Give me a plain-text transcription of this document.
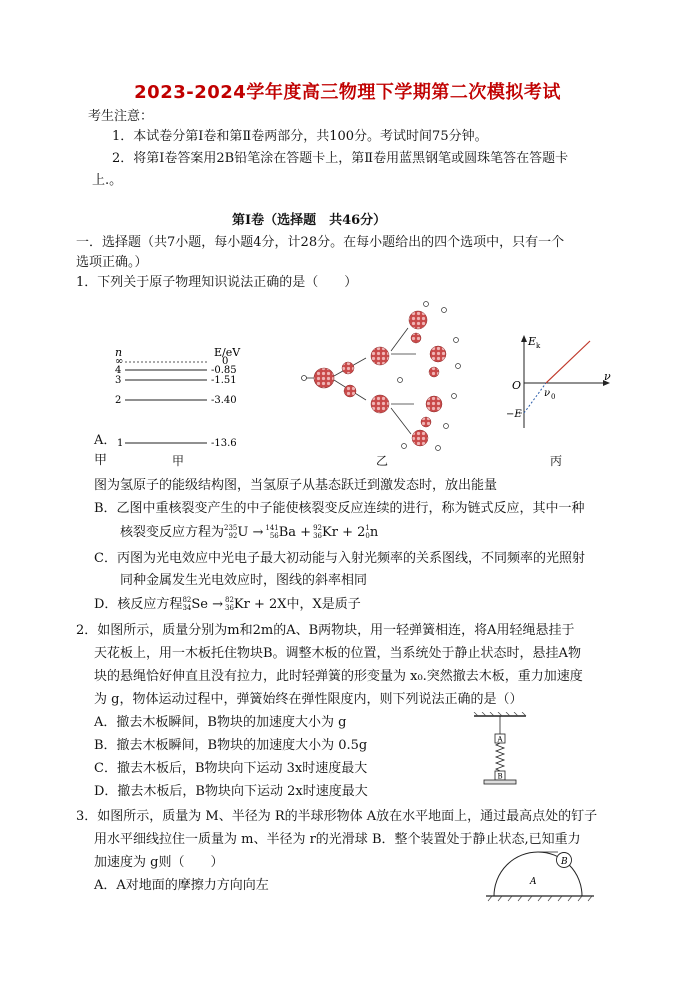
2023-2024学年度高三物理下学期第二次模拟考试
考生注意：
1．本试卷分第Ⅰ卷和第Ⅱ卷两部分，共100分。考试时间75分钟。
2．将第Ⅰ卷答案用2B铅笔涂在答题卡上，第Ⅱ卷用蓝黑钢笔或圆珠笔答在答题卡
上.。
第Ⅰ卷（选择题　共46分）
一．选择题（共7小题，每小题4分，计28分。在每小题给出的四个选项中，只有一个
选项正确。）
1．下列关于原子物理知识说法正确的是（　　）
n	E/eV
∞
4
3
2
1
0
-0.85
-1.51
-3.40
-13.6
A．
甲	乙
E k
O
ν
ν 0
−E
丙
甲
图为氢原子的能级结构图，当氢原子从基态跃迁到激发态时，放出能量
B．乙图中重核裂变产生的中子能使核裂变反应连续的进行，称为链式反应，其中一种
核裂变反应方程为235
92U → 141
56Ba + 92
36Kr + 21
0n
C．丙图为光电效应中光电子最大初动能与入射光频率的关系图线，不同频率的光照射
同种金属发生光电效应时，图线的斜率相同
D．核反应方程82
34Se → 82
36Kr + 2X中，X是质子
2．如图所示，质量分别为m和2m的A、B两物块，用一轻弹簧相连，将A用轻绳悬挂于
天花板上，用一木板托住物块B。调整木板的位置，当系统处于静止状态时，悬挂A物
块的悬绳恰好伸直且没有拉力，此时轻弹簧的形变量为 x₀.突然撤去木板，重力加速度
为 g，物体运动过程中，弹簧始终在弹性限度内，则下列说法正确的是（）
A．撤去木板瞬间，B物块的加速度大小为 g
B．撤去木板瞬间，B物块的加速度大小为 0.5g
C．撤去木板后，B物块向下运动 3x时速度最大
D．撤去木板后，B物块向下运动 2x时速度最大
A
B
3．如图所示，质量为 M、半径为 R的半球形物体 A放在水平地面上，通过最高点处的钉子
用水平细线拉住一质量为 m、半径为 r的光滑球 B．整个装置处于静止状态,已知重力
加速度为 g则（　　）
A．A对地面的摩擦力方向向左
B
A
